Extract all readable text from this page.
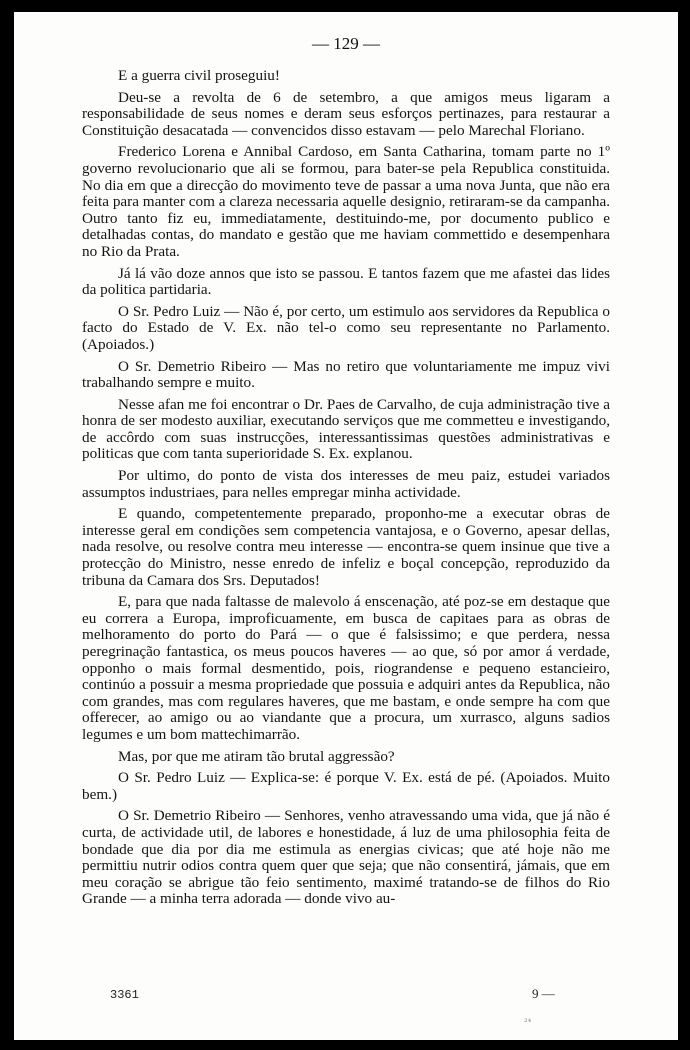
— 129 —

E a guerra civil proseguiu!

Deu-se a revolta de 6 de setembro, a que amigos meus ligaram a responsabilidade de seus nomes e deram seus esforços pertinazes, para restaurar a Constituição desacatada — convencidos disso estavam — pelo Marechal Floriano.

Frederico Lorena e Annibal Cardoso, em Santa Catharina, tomam parte no 1º governo revolucionario que ali se formou, para bater-se pela Republica constituida. No dia em que a direcção do movimento teve de passar a uma nova Junta, que não era feita para manter com a clareza necessaria aquelle designio, retiraram-se da campanha. Outro tanto fiz eu, immediatamente, destituindo-me, por documento publico e detalhadas contas, do mandato e gestão que me haviam commettido e desempenhara no Rio da Prata.

Já lá vão doze annos que isto se passou. E tantos fazem que me afastei das lides da politica partidaria.

O Sr. Pedro Luiz — Não é, por certo, um estimulo aos servidores da Republica o facto do Estado de V. Ex. não tel-o como seu representante no Parlamento. (Apoiados.)

O Sr. Demetrio Ribeiro — Mas no retiro que voluntariamente me impuz vivi trabalhando sempre e muito.

Nesse afan me foi encontrar o Dr. Paes de Carvalho, de cuja administração tive a honra de ser modesto auxiliar, executando serviços que me commetteu e investigando, de accôrdo com suas instrucções, interessantissimas questões administrativas e politicas que com tanta superioridade S. Ex. explanou.

Por ultimo, do ponto de vista dos interesses de meu paiz, estudei variados assumptos industriaes, para nelles empregar minha actividade.

E quando, competentemente preparado, proponho-me a executar obras de interesse geral em condições sem competencia vantajosa, e o Governo, apesar dellas, nada resolve, ou resolve contra meu interesse — encontra-se quem insinue que tive a protecção do Ministro, nesse enredo de infeliz e boçal concepção, reproduzido da tribuna da Camara dos Srs. Deputados!

E, para que nada faltasse de malevolo á enscenação, até poz-se em destaque que eu correra a Europa, improficuamente, em busca de capitaes para as obras de melhoramento do porto do Pará — o que é falsissimo; e que perdera, nessa peregrinação fantastica, os meus poucos haveres — ao que, só por amor á verdade, opponho o mais formal desmentido, pois, riograndense e pequeno estancieiro, continúo a possuir a mesma propriedade que possuia e adquiri antes da Republica, não com grandes, mas com regulares haveres, que me bastam, e onde sempre ha com que offerecer, ao amigo ou ao viandante que a procura, um xurrasco, alguns sadios legumes e um bom mattechimarrão.

Mas, por que me atiram tão brutal aggressão?

O Sr. Pedro Luiz — Explica-se: é porque V. Ex. está de pé. (Apoiados. Muito bem.)

O Sr. Demetrio Ribeiro — Senhores, venho atravessando uma vida, que já não é curta, de actividade util, de labores e honestidade, á luz de uma philosophia feita de bondade que dia por dia me estimula as energias civicas; que até hoje não me permittiu nutrir odios contra quem quer que seja; que não consentirá, jámais, que em meu coração se abrigue tão feio sentimento, maximé tratando-se de filhos do Rio Grande — a minha terra adorada — donde vivo au-

3361	9 —
²⁴
